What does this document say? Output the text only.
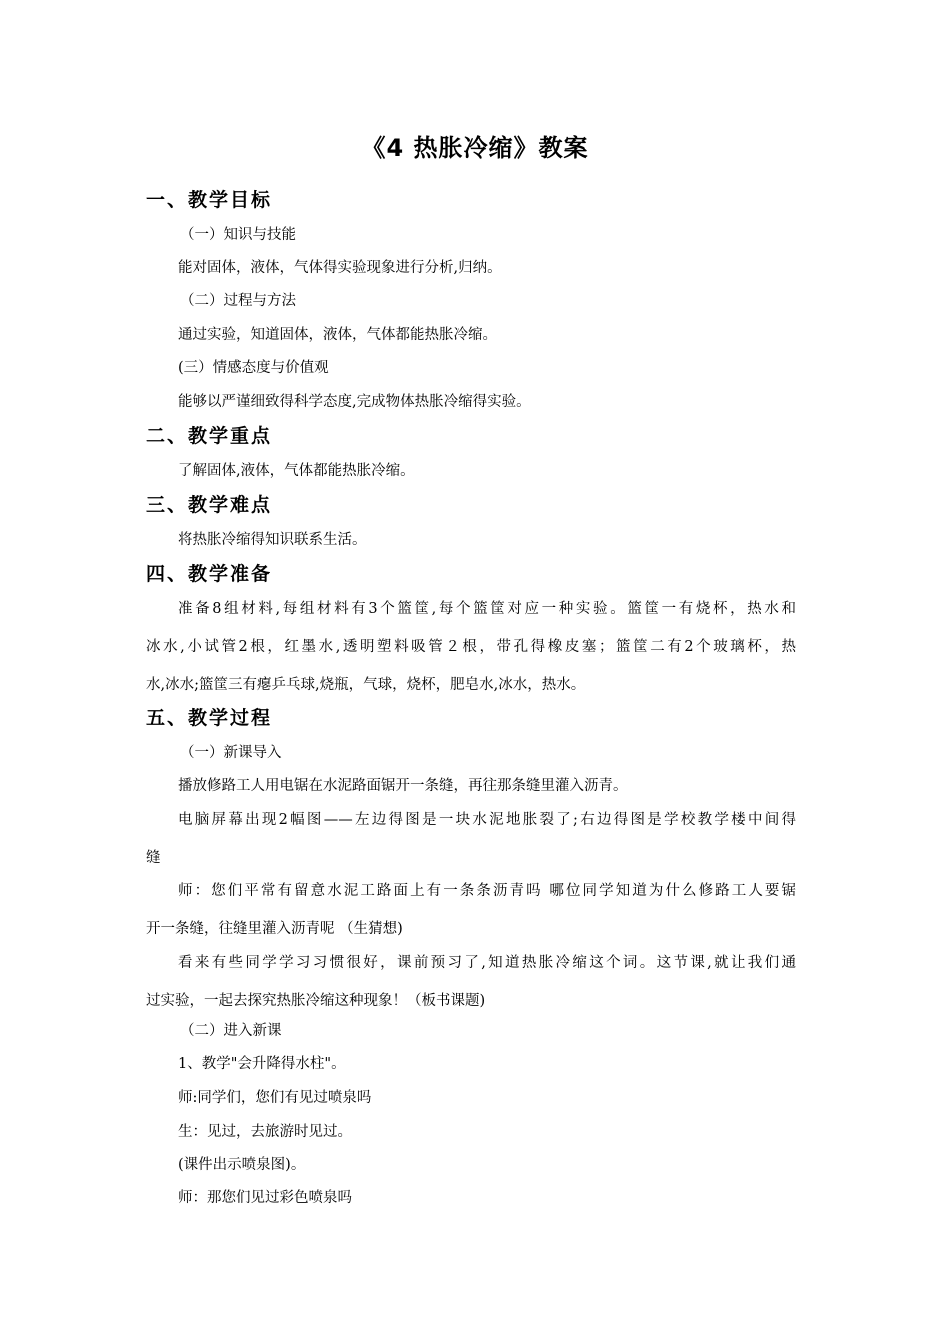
《4 热胀冷缩》教案
一、教学目标

（一）知识与技能

能对固体，液体，气体得实验现象进行分析,归纳。

（二）过程与方法

通过实验，知道固体，液体，气体都能热胀冷缩。

(三）情感态度与价值观

能够以严谨细致得科学态度,完成物体热胀冷缩得实验。

二、教学重点

了解固体,液体，气体都能热胀冷缩。

三、教学难点

将热胀冷缩得知识联系生活。

四、教学准备

准备8组材料,每组材料有3个篮筐,每个篮筐对应一种实验。篮筐一有烧杯，热水和

冰水,小试管2根，红墨水,透明塑料吸管２根，带孔得橡皮塞；篮筐二有2个玻璃杯，热

水,冰水;篮筐三有瘪乒乓球,烧瓶，气球，烧杯，肥皂水,冰水，热水。

五、教学过程

（一）新课导入

播放修路工人用电锯在水泥路面锯开一条缝，再往那条缝里灌入沥青。

电脑屏幕出现2幅图——左边得图是一块水泥地胀裂了;右边得图是学校教学楼中间得

缝

师：您们平常有留意水泥工路面上有一条条沥青吗 哪位同学知道为什么修路工人要锯

开一条缝，往缝里灌入沥青呢 （生猜想)

看来有些同学学习习惯很好，课前预习了,知道热胀冷缩这个词。这节课,就让我们通

过实验，一起去探究热胀冷缩这种现象！（板书课题)

（二）进入新课

1、教学"会升降得水柱"。

师:同学们，您们有见过喷泉吗

生：见过，去旅游时见过。

(课件出示喷泉图)。

师：那您们见过彩色喷泉吗
